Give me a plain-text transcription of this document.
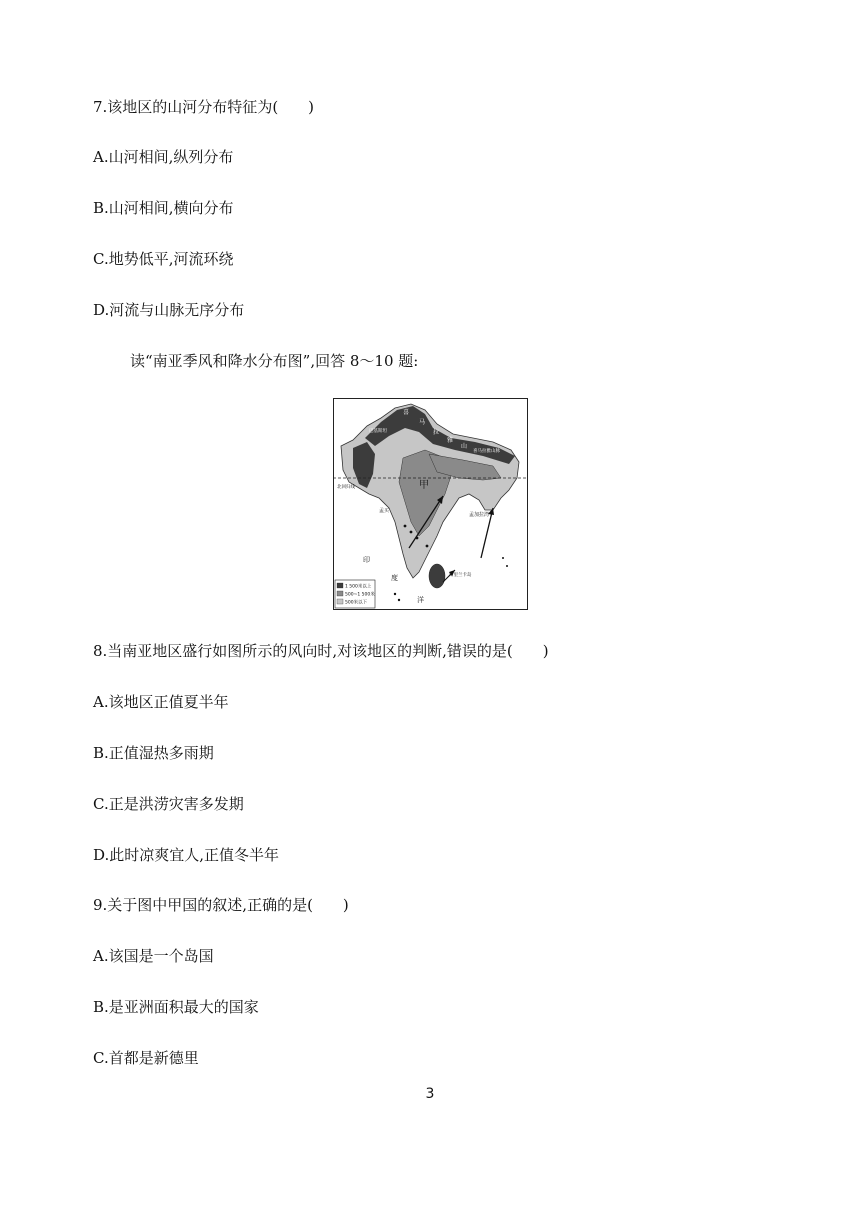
7.该地区的山河分布特征为(　　)
A.山河相间,纵列分布
B.山河相间,横向分布
C.地势低平,河流环绕
D.河流与山脉无序分布
读“南亚季风和降水分布图”,回答 8～10 题:
甲
孟买
孟加拉湾
北回归线
喜马拉雅山脉
巴基斯坦
喜
马
拉
雅
山
斯里兰卡岛
印
度
洋
1 500米以上
500~1 500米
500米以下
8.当南亚地区盛行如图所示的风向时,对该地区的判断,错误的是(　　)
A.该地区正值夏半年
B.正值湿热多雨期
C.正是洪涝灾害多发期
D.此时凉爽宜人,正值冬半年
9.关于图中甲国的叙述,正确的是(　　)
A.该国是一个岛国
B.是亚洲面积最大的国家
C.首都是新德里
3
